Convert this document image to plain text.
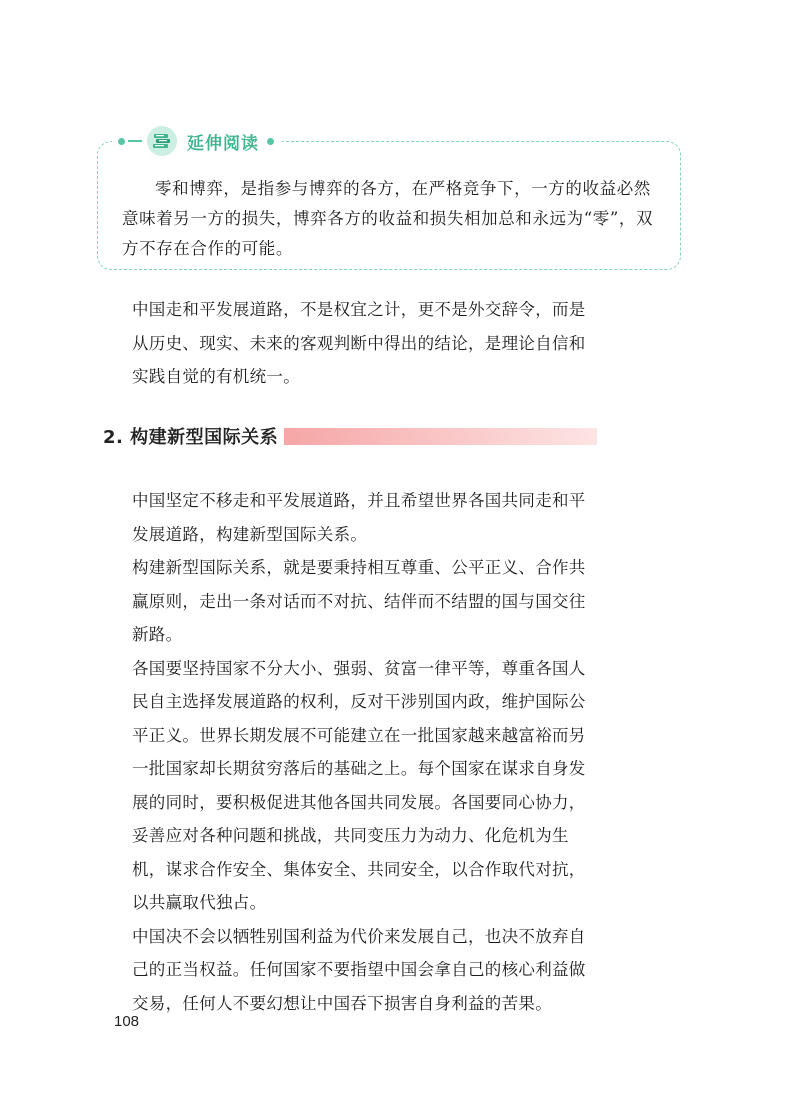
延伸阅读

零和博弈，是指参与博弈的各方，在严格竞争下，一方的收益必然意味着另一方的损失，博弈各方的收益和损失相加总和永远为“零”，双方不存在合作的可能。

中国走和平发展道路，不是权宜之计，更不是外交辞令，而是从历史、现实、未来的客观判断中得出的结论，是理论自信和实践自觉的有机统一。

2. 构建新型国际关系

中国坚定不移走和平发展道路，并且希望世界各国共同走和平发展道路，构建新型国际关系。

构建新型国际关系，就是要秉持相互尊重、公平正义、合作共赢原则，走出一条对话而不对抗、结伴而不结盟的国与国交往新路。

各国要坚持国家不分大小、强弱、贫富一律平等，尊重各国人民自主选择发展道路的权利，反对干涉别国内政，维护国际公平正义。世界长期发展不可能建立在一批国家越来越富裕而另一批国家却长期贫穷落后的基础之上。每个国家在谋求自身发展的同时，要积极促进其他各国共同发展。各国要同心协力，妥善应对各种问题和挑战，共同变压力为动力、化危机为生机，谋求合作安全、集体安全、共同安全，以合作取代对抗，以共赢取代独占。

中国决不会以牺牲别国利益为代价来发展自己，也决不放弃自己的正当权益。任何国家不要指望中国会拿自己的核心利益做交易，任何人不要幻想让中国吞下损害自身利益的苦果。

108
